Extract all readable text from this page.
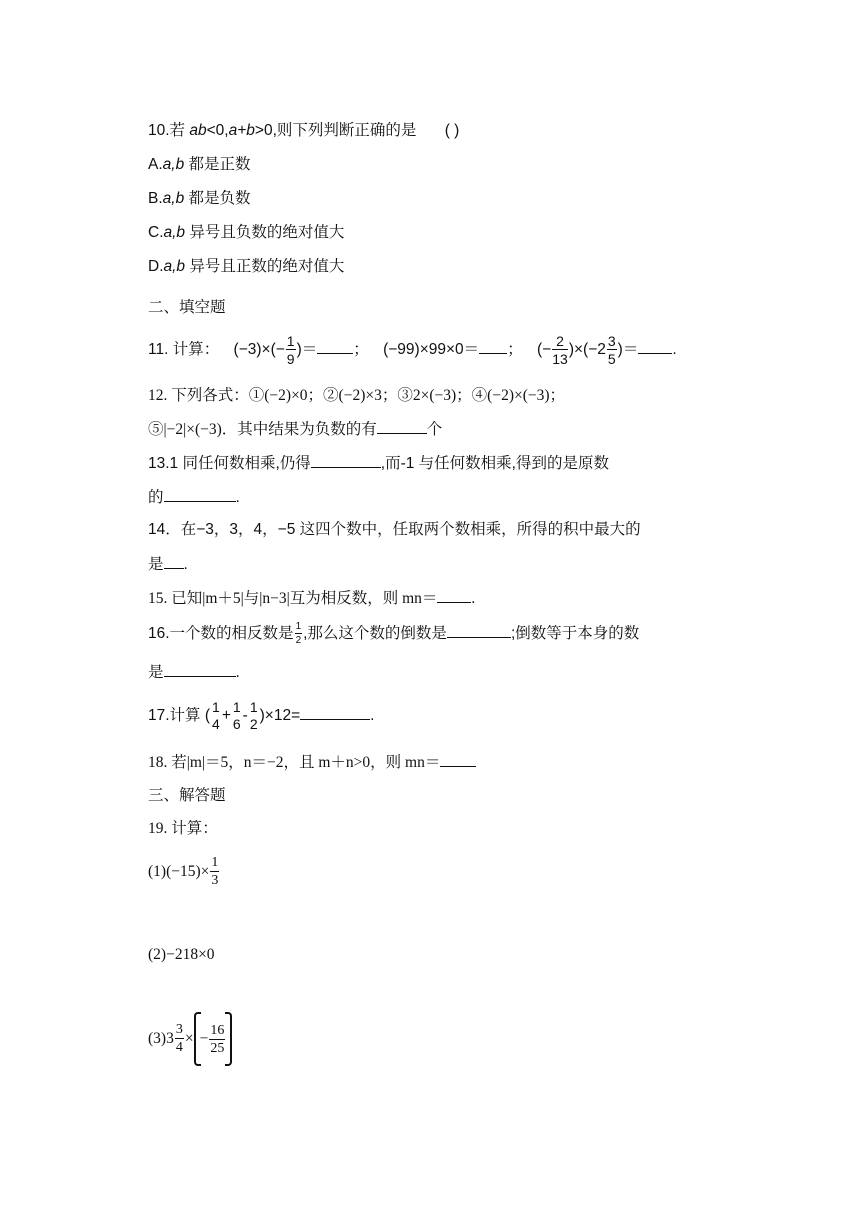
10.若 ab<0,a+b>0,则下列判断正确的是 ( )
A.a,b 都是正数
B.a,b 都是负数
C.a,b 异号且负数的绝对值大
D.a,b 异号且正数的绝对值大
二、填空题
11. 计算： $(-3)\times(- \frac{1}{9}$ )＝ ； (−99)×99×0＝ ； (− $\frac{2}{13} )\times(-2 \frac{3}{5}$ )＝ .
12. 下列各式：①(−2)×0；②(−2)×3；③2×(−3)；④(−2)×(−3)；
⑤|−2|×(−3)．其中结果为负数的有	个
13.1 同任何数相乘,仍得	,而-1 与任何数相乘,得到的是原数
的	.
14．在−3，3，4，−5 这四个数中，任取两个数相乘，所得的积中最大的
是 .
15. 已知|m＋5|与|n−3|互为相反数，则 mn＝ .
16.一个数的相反数是 $\frac{1}{2}$ ,那么这个数的倒数是	;倒数等于本身的数
是	.
17.计算 ( 1
4
+ 1
6
- 1
2
)×12=	.
18. 若|m|＝5，n＝−2，且 m＋n>0，则 mn＝
三、解答题
19. 计算：
$(1)(-15)\times \frac{1}{3}$
(2)−218×0
$(3)3 \frac{3}{4}$ × − $\frac{16}{25}$
